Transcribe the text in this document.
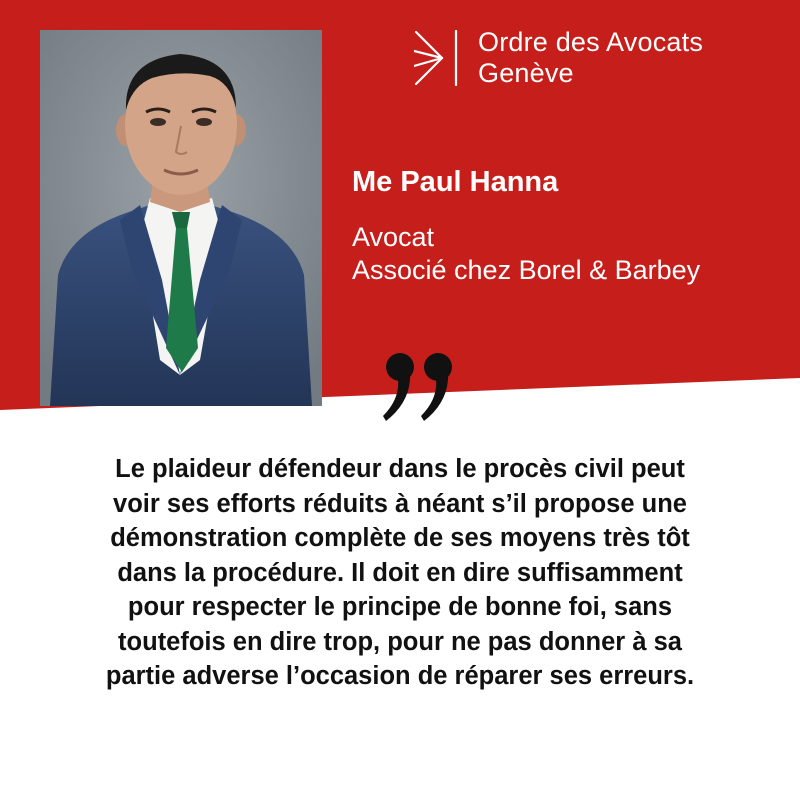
Ordre des Avocats
Genève
Me Paul Hanna
Avocat
Associé chez Borel & Barbey
Le plaideur défendeur dans le procès civil peut
voir ses efforts réduits à néant s’il propose une
démonstration complète de ses moyens très tôt
dans la procédure. Il doit en dire suffisamment
pour respecter le principe de bonne foi, sans
toutefois en dire trop, pour ne pas donner à sa
partie adverse l’occasion de réparer ses erreurs.
